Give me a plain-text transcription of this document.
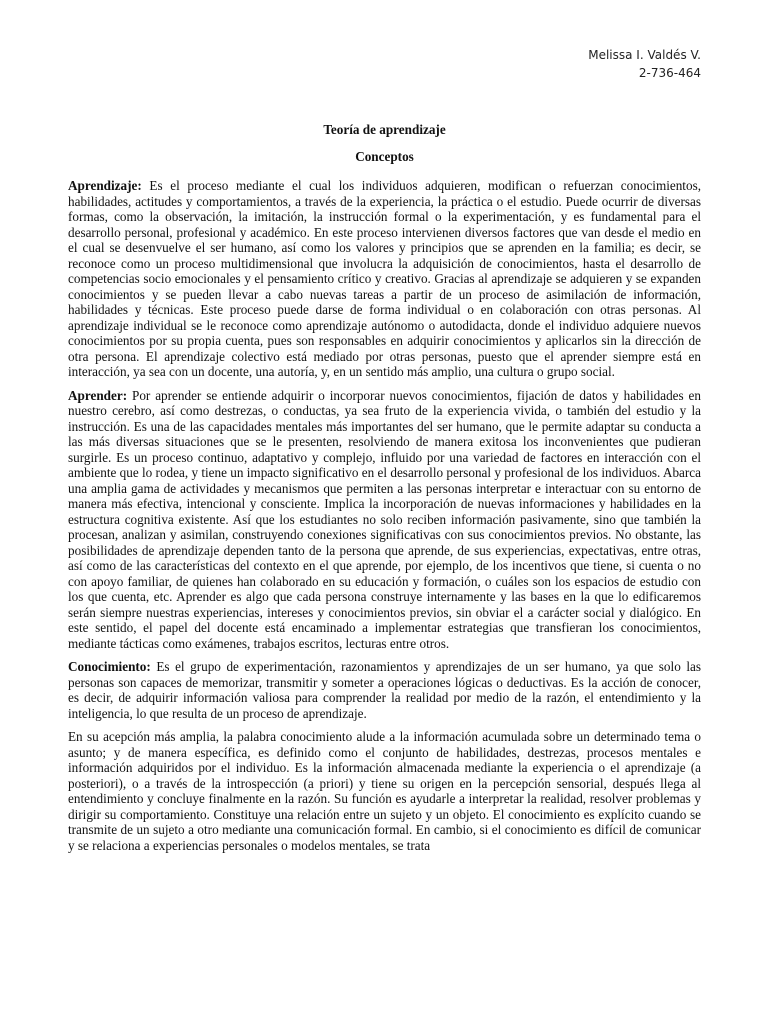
Melissa I. Valdés V.
2-736-464
Teoría de aprendizaje
Conceptos

Aprendizaje: Es el proceso mediante el cual los individuos adquieren, modifican o refuerzan conocimientos, habilidades, actitudes y comportamientos, a través de la experiencia, la práctica o el estudio. Puede ocurrir de diversas formas, como la observación, la imitación, la instrucción formal o la experimentación, y es fundamental para el desarrollo personal, profesional y académico. En este proceso intervienen diversos factores que van desde el medio en el cual se desenvuelve el ser humano, así como los valores y principios que se aprenden en la familia; es decir, se reconoce como un proceso multidimensional que involucra la adquisición de conocimientos, hasta el desarrollo de competencias socio emocionales y el pensamiento crítico y creativo. Gracias al aprendizaje se adquieren y se expanden conocimientos y se pueden llevar a cabo nuevas tareas a partir de un proceso de asimilación de información, habilidades y técnicas. Este proceso puede darse de forma individual o en colaboración con otras personas. Al aprendizaje individual se le reconoce como aprendizaje autónomo o autodidacta, donde el individuo adquiere nuevos conocimientos por su propia cuenta, pues son responsables en adquirir conocimientos y aplicarlos sin la dirección de otra persona. El aprendizaje colectivo está mediado por otras personas, puesto que el aprender siempre está en interacción, ya sea con un docente, una autoría, y, en un sentido más amplio, una cultura o grupo social.

Aprender: Por aprender se entiende adquirir o incorporar nuevos conocimientos, fijación de datos y habilidades en nuestro cerebro, así como destrezas, o conductas, ya sea fruto de la experiencia vivida, o también del estudio y la instrucción. Es una de las capacidades mentales más importantes del ser humano, que le permite adaptar su conducta a las más diversas situaciones que se le presenten, resolviendo de manera exitosa los inconvenientes que pudieran surgirle. Es un proceso continuo, adaptativo y complejo, influido por una variedad de factores en interacción con el ambiente que lo rodea, y tiene un impacto significativo en el desarrollo personal y profesional de los individuos. Abarca una amplia gama de actividades y mecanismos que permiten a las personas interpretar e interactuar con su entorno de manera más efectiva, intencional y consciente. Implica la incorporación de nuevas informaciones y habilidades en la estructura cognitiva existente. Así que los estudiantes no solo reciben información pasivamente, sino que también la procesan, analizan y asimilan, construyendo conexiones significativas con sus conocimientos previos. No obstante, las posibilidades de aprendizaje dependen tanto de la persona que aprende, de sus experiencias, expectativas, entre otras, así como de las características del contexto en el que aprende, por ejemplo, de los incentivos que tiene, si cuenta o no con apoyo familiar, de quienes han colaborado en su educación y formación, o cuáles son los espacios de estudio con los que cuenta, etc. Aprender es algo que cada persona construye internamente y las bases en la que lo edificaremos serán siempre nuestras experiencias, intereses y conocimientos previos, sin obviar el a carácter social y dialógico. En este sentido, el papel del docente está encaminado a implementar estrategias que transfieran los conocimientos, mediante tácticas como exámenes, trabajos escritos, lecturas entre otros.

Conocimiento: Es el grupo de experimentación, razonamientos y aprendizajes de un ser humano, ya que solo las personas son capaces de memorizar, transmitir y someter a operaciones lógicas o deductivas. Es la acción de conocer, es decir, de adquirir información valiosa para comprender la realidad por medio de la razón, el entendimiento y la inteligencia, lo que resulta de un proceso de aprendizaje.

En su acepción más amplia, la palabra conocimiento alude a la información acumulada sobre un determinado tema o asunto; y de manera específica, es definido como el conjunto de habilidades, destrezas, procesos mentales e información adquiridos por el individuo. Es la información almacenada mediante la experiencia o el aprendizaje (a posteriori), o a través de la introspección (a priori) y tiene su origen en la percepción sensorial, después llega al entendimiento y concluye finalmente en la razón. Su función es ayudarle a interpretar la realidad, resolver problemas y dirigir su comportamiento. Constituye una relación entre un sujeto y un objeto. El conocimiento es explícito cuando se transmite de un sujeto a otro mediante una comunicación formal. En cambio, si el conocimiento es difícil de comunicar y se relaciona a experiencias personales o modelos mentales, se trata
